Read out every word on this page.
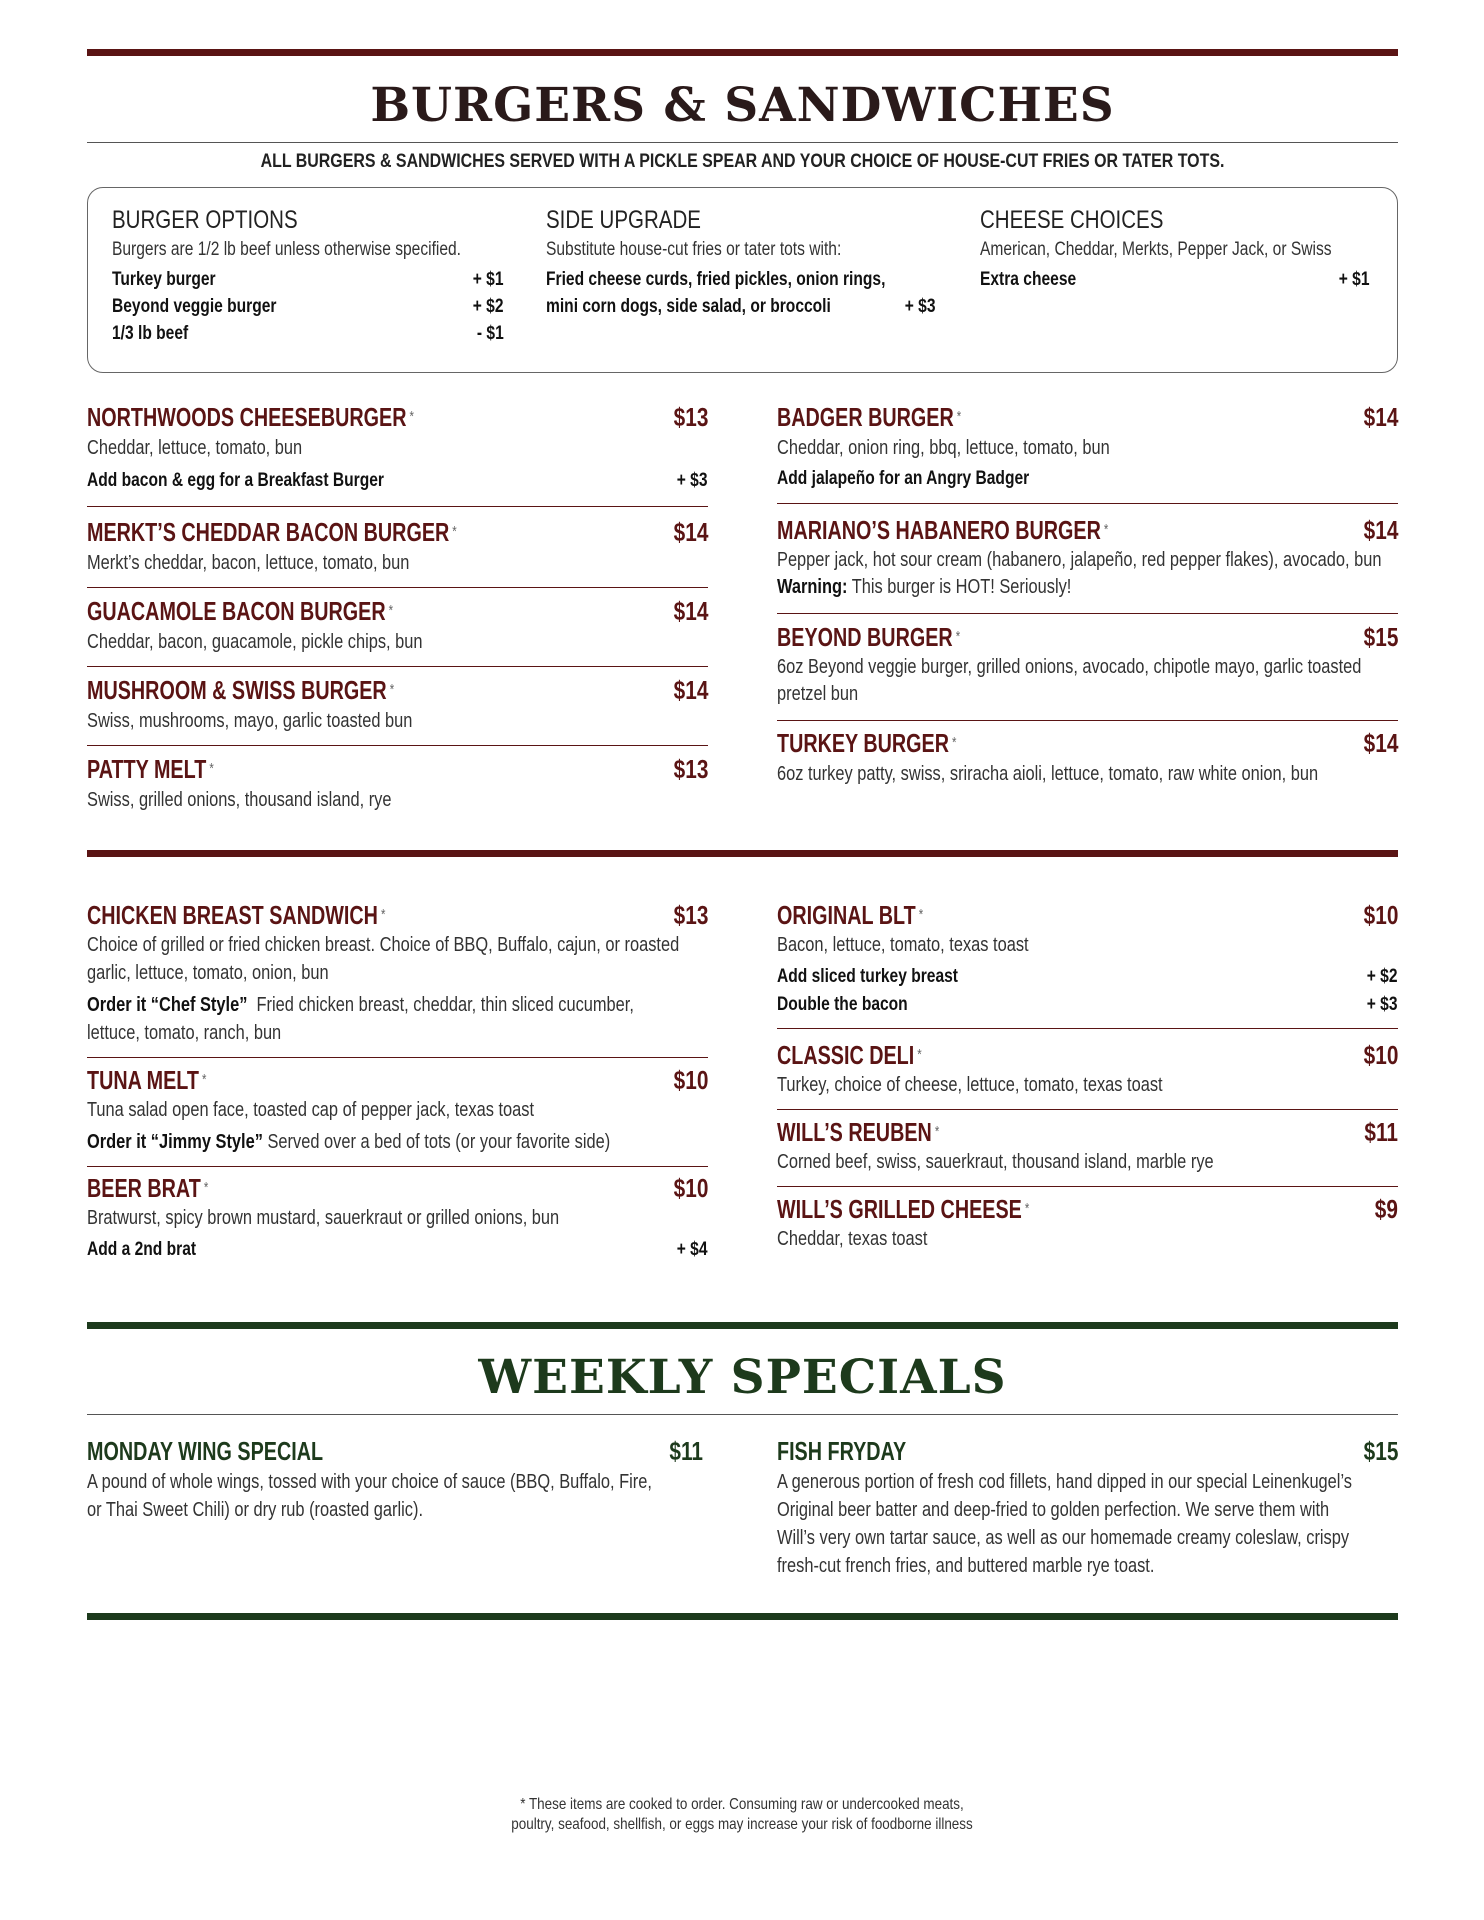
BURGERS & SANDWICHES
ALL BURGERS & SANDWICHES SERVED WITH A PICKLE SPEAR AND YOUR CHOICE OF HOUSE-CUT FRIES OR TATER TOTS.
BURGER OPTIONS
Burgers are 1/2 lb beef unless otherwise specified.
Turkey burger	+ $1
Beyond veggie burger	+ $2
1/3 lb beef	- $1
SIDE UPGRADE
Substitute house-cut fries or tater tots with:
Fried cheese curds, fried pickles, onion rings,
mini corn dogs, side salad, or broccoli	+ $3
CHEESE CHOICES
American, Cheddar, Merkts, Pepper Jack, or Swiss
Extra cheese	+ $1
NORTHWOODS CHEESEBURGER *	$13
Cheddar, lettuce, tomato, bun
Add bacon & egg for a Breakfast Burger	+ $3
MERKT’S CHEDDAR BACON BURGER *	$14
Merkt’s cheddar, bacon, lettuce, tomato, bun
GUACAMOLE BACON BURGER *	$14
Cheddar, bacon, guacamole, pickle chips, bun
MUSHROOM & SWISS BURGER *	$14
Swiss, mushrooms, mayo, garlic toasted bun
PATTY MELT *	$13
Swiss, grilled onions, thousand island, rye
BADGER BURGER *	$14
Cheddar, onion ring, bbq, lettuce, tomato, bun
Add jalapeño for an Angry Badger
MARIANO’S HABANERO BURGER *	$14
Pepper jack, hot sour cream (habanero, jalapeño, red pepper flakes), avocado, bun
Warning: This burger is HOT! Seriously!
BEYOND BURGER *	$15
6oz Beyond veggie burger, grilled onions, avocado, chipotle mayo, garlic toasted
pretzel bun
TURKEY BURGER *	$14
6oz turkey patty, swiss, sriracha aioli, lettuce, tomato, raw white onion, bun
CHICKEN BREAST SANDWICH *	$13
Choice of grilled or fried chicken breast. Choice of BBQ, Buffalo, cajun, or roasted
garlic, lettuce, tomato, onion, bun
Order it “Chef Style” Fried chicken breast, cheddar, thin sliced cucumber,
lettuce, tomato, ranch, bun
TUNA MELT *	$10
Tuna salad open face, toasted cap of pepper jack, texas toast
Order it “Jimmy Style” Served over a bed of tots (or your favorite side)
BEER BRAT *	$10
Bratwurst, spicy brown mustard, sauerkraut or grilled onions, bun
Add a 2nd brat	+ $4
ORIGINAL BLT *	$10
Bacon, lettuce, tomato, texas toast
Add sliced turkey breast	+ $2
Double the bacon	+ $3
CLASSIC DELI *	$10
Turkey, choice of cheese, lettuce, tomato, texas toast
WILL’S REUBEN *	$11
Corned beef, swiss, sauerkraut, thousand island, marble rye
WILL’S GRILLED CHEESE *	$9
Cheddar, texas toast
WEEKLY SPECIALS
MONDAY WING SPECIAL	$11
A pound of whole wings, tossed with your choice of sauce (BBQ, Buffalo, Fire,
or Thai Sweet Chili) or dry rub (roasted garlic).
FISH FRYDAY	$15
A generous portion of fresh cod fillets, hand dipped in our special Leinenkugel’s
Original beer batter and deep-fried to golden perfection. We serve them with
Will’s very own tartar sauce, as well as our homemade creamy coleslaw, crispy
fresh-cut french fries, and buttered marble rye toast.
* These items are cooked to order. Consuming raw or undercooked meats,
poultry, seafood, shellfish, or eggs may increase your risk of foodborne illness
